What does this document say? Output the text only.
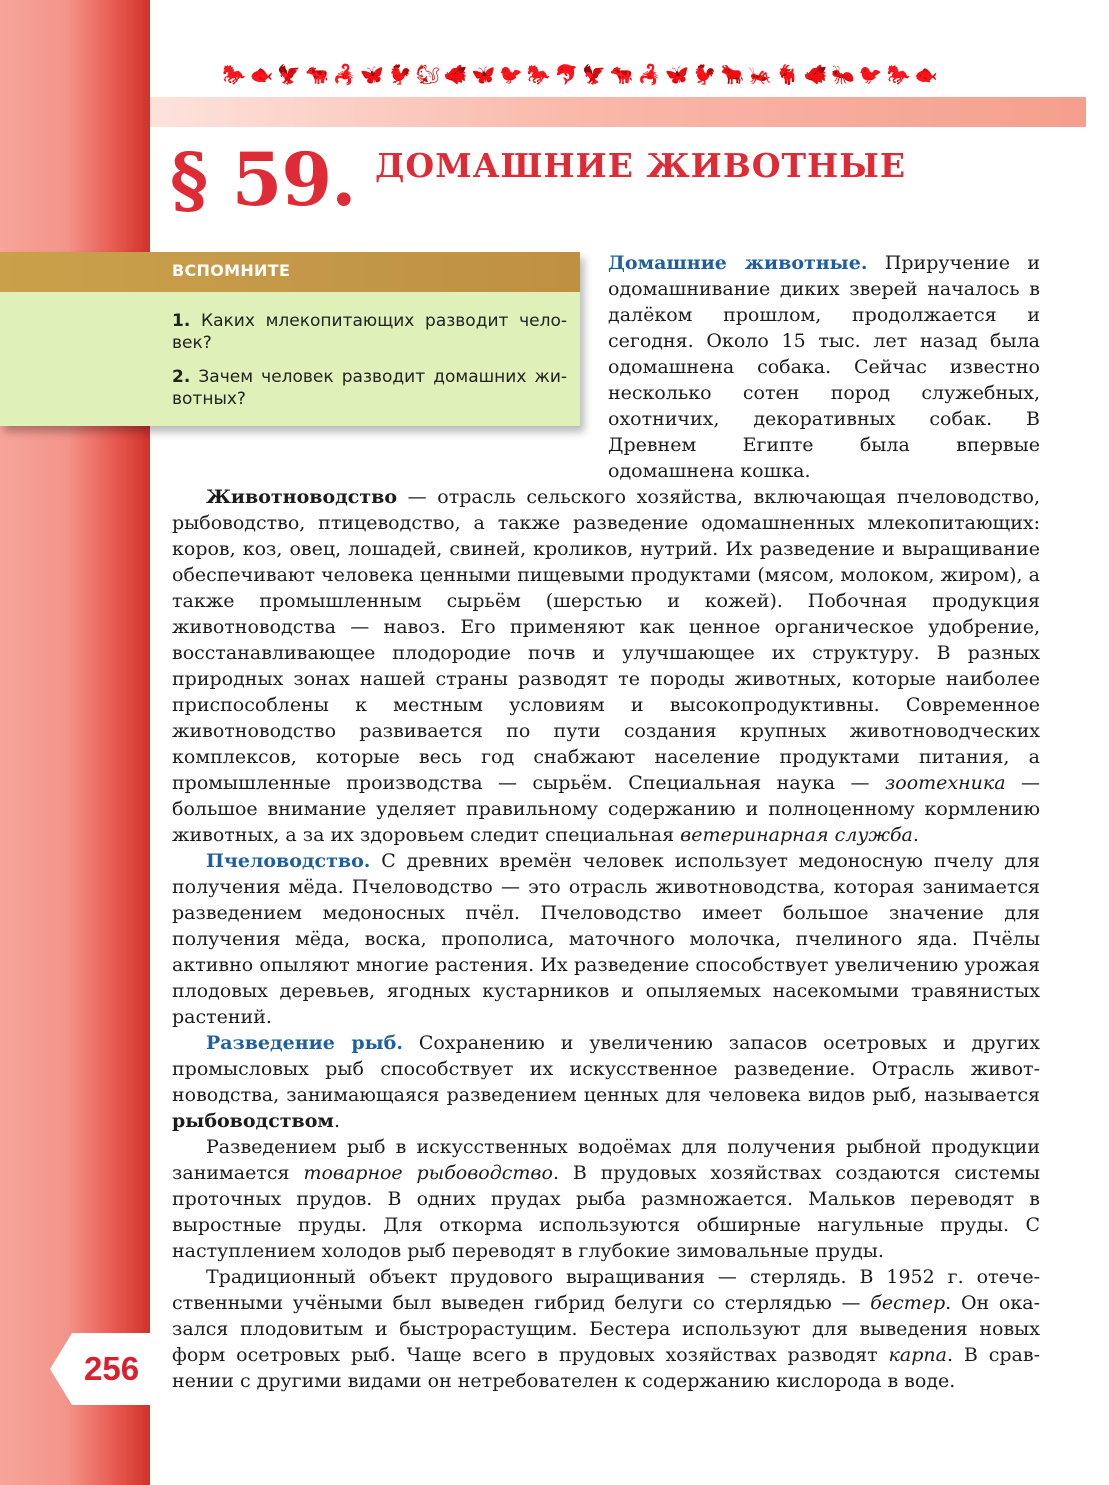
🐎 🐟 🦅 🐄 🦂 🦋 🐓 🐿 🐗 🦋 🐦 🐎 🐬 🦅 🐄 🦂 🦋 🐓 🐂 🦗 🐐 🐗 🐜 🐦 🐎 🐟
§ 59. ДОМАШНИЕ ЖИВОТНЫЕ
ВСПОМНИТЕ
1. Каких млекопитающих разводит человек?
2. Зачем человек разводит домашних животных?

Домашние животные. Приручение и одомашнивание диких зверей началось в далёком прошлом, продолжается и сегодня. Около 15 тыс. лет назад была одомашнена собака. Сейчас известно несколько сотен пород служебных, охотничих, декоративных собак. В Древнем Египте была впервые одомашнена кошка.

Животноводство — отрасль сельского хозяйства, включающая пчеловодство, рыбоводство, птицеводство, а также разведение одомашненных млекопитающих: коров, коз, овец, лошадей, свиней, кроликов, нутрий. Их разведение и выращивание обеспечивают человека ценными пищевыми продуктами (мясом, молоком, жиром), а также промышленным сырьём (шерстью и кожей). Побочная продукция животноводства — навоз. Его применяют как ценное органическое удобрение, восстанавливающее плодородие почв и улучшающее их структуру. В разных природных зонах нашей страны разводят те породы животных, которые наиболее приспособлены к местным условиям и высокопродуктивны. Современное животноводство развивается по пути создания крупных животноводческих комплексов, которые весь год снабжают население продуктами питания, а промышленные производства — сырьём. Специальная наука — зоотехника — большое внимание уделяет правильному содержанию и полноценному кормлению животных, а за их здоровьем следит специальная ветеринарная служба.

Пчеловодство. С древних времён человек использует медоносную пчелу для получения мёда. Пчеловодство — это отрасль животноводства, которая занимается разведением медоносных пчёл. Пчеловодство имеет большое значение для получения мёда, воска, прополиса, маточного молочка, пчелиного яда. Пчёлы активно опыляют многие растения. Их разведение способствует увеличению урожая плодовых деревьев, ягодных кустарников и опыляемых насекомыми травянистых растений.

Разведение рыб. Сохранению и увеличению запасов осетровых и других промысловых рыб способствует их искусственное разведение. Отрасль животноводства, занимающаяся разведением ценных для человека видов рыб, называется рыбоводством.

Разведением рыб в искусственных водоёмах для получения рыбной продукции занимается товарное рыбоводство. В прудовых хозяйствах создаются системы проточных прудов. В одних прудах рыба размножается. Мальков переводят в выростные пруды. Для откорма используются обширные нагульные пруды. С наступлением холодов рыб переводят в глубокие зимовальные пруды.

Традиционный объект прудового выращивания — стерлядь. В 1952 г. отечественными учёными был выведен гибрид белуги со стерлядью — бестер. Он оказался плодовитым и быстрорастущим. Бестера используют для выведения новых форм осетровых рыб. Чаще всего в прудовых хозяйствах разводят карпа. В сравнении с другими видами он нетребователен к содержанию кислорода в воде.

256
